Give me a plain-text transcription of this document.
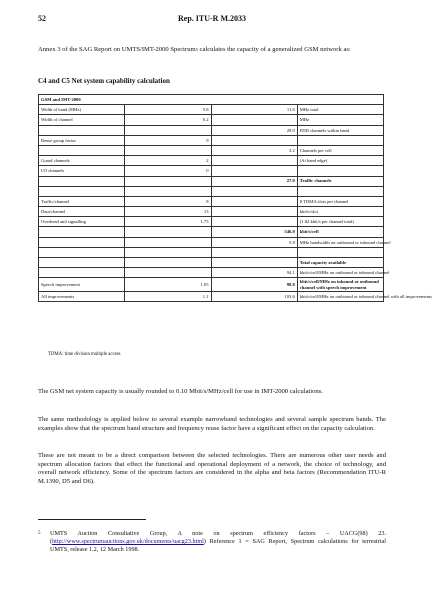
52	Rep. ITU-R M.2033
Annex 3 of the SAG Report on UMTS/IMT-2000 Spectrum$^5$ calculates the capacity of a generalized GSM network as:
C4 and C5 Net system capability calculation
GSM and IMT-2000			
Width of band (MHz)	5.8	11.6	MHz total
Width of channel	0.2		MHz
		29.0	FDD channels within band
Reuse group factor	9		
		3.2	Channels per cell
Guard channels	2		(At band edge)
I/O channels	0		
		27.0	Traffic channels

Traffic/channel	8		8 TDMA slots per channel
Data/channel	13		kbit/s/slot
Overhead and signalling	1.75		(1.82 kbit/s per channel total)
		546.0	kbit/s/cell
		5.8	MHz bandwidth on outbound or inbound channel

			Total capacity available
		94.1	kbit/s/cell/MHz on outbound or inbound channel
Speech improvement	1.05	98.8	kbit/s/cell/MHz on inbound or outbound channel with speech improvement
All improvements	1.1	103.6	kbit/s/cell/MHz on outbound or inbound channel with all improvements
TDMA: time division multiple access

The GSM net system capacity is usually rounded to 0.10 Mbit/s/MHz/cell for use in IMT-2000 calculations.

The same methodology is applied below to several example narrowband technologies and several sample spectrum bands. The examples show that the spectrum band structure and frequency reuse factor have a significant effect on the capacity calculation.

These are not meant to be a direct comparison between the selected technologies. There are numerous other user needs and spectrum allocation factors that effect the functional and operational deployment of a network, the choice of technology, and overall network efficiency. Some of the spectrum factors are considered in the alpha and beta factors (Recommendation ITU-R M.1390, D5 and D6).

5 UMTS Auction Consultative Group, A note on spectrum efficiency factors – UACG(98) 23. (http://www.spectrumauctions.gov.uk/documents/uacg23.html) Reference 1 = SAG Report, Spectrum calculations for terrestrial UMTS, release 1.2, 12 March 1998.
